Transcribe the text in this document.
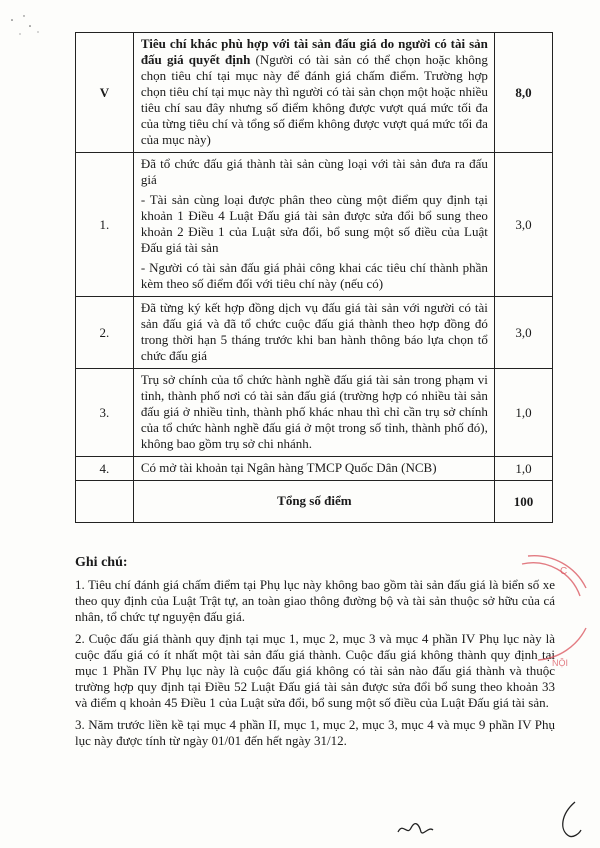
V	Tiêu chí khác phù hợp với tài sản đấu giá do người có tài sản đấu giá quyết định (Người có tài sản có thể chọn hoặc không chọn tiêu chí tại mục này để đánh giá chấm điểm. Trường hợp chọn tiêu chí tại mục này thì người có tài sản chọn một hoặc nhiều tiêu chí sau đây nhưng số điểm không được vượt quá mức tối đa của từng tiêu chí và tổng số điểm không được vượt quá mức tối đa của mục này)	8,0
1.	Đã tổ chức đấu giá thành tài sản cùng loại với tài sản đưa ra đấu giá

- Tài sản cùng loại được phân theo cùng một điểm quy định tại khoản 1 Điều 4 Luật Đấu giá tài sản được sửa đổi bổ sung theo khoản 2 Điều 1 của Luật sửa đổi, bổ sung một số điều của Luật Đấu giá tài sản

- Người có tài sản đấu giá phải công khai các tiêu chí thành phần kèm theo số điểm đối với tiêu chí này (nếu có)	3,0
2.	Đã từng ký kết hợp đồng dịch vụ đấu giá tài sản với người có tài sản đấu giá và đã tổ chức cuộc đấu giá thành theo hợp đồng đó trong thời hạn 5 tháng trước khi ban hành thông báo lựa chọn tổ chức đấu giá	3,0
3.	Trụ sở chính của tổ chức hành nghề đấu giá tài sản trong phạm vi tỉnh, thành phố nơi có tài sản đấu giá (trường hợp có nhiều tài sản đấu giá ở nhiều tỉnh, thành phố khác nhau thì chỉ cần trụ sở chính của tổ chức hành nghề đấu giá ở một trong số tỉnh, thành phố đó), không bao gồm trụ sở chi nhánh.	1,0
4.	Có mở tài khoản tại Ngân hàng TMCP Quốc Dân (NCB)	1,0
	Tổng số điểm	100
Ghi chú:

1. Tiêu chí đánh giá chấm điểm tại Phụ lục này không bao gồm tài sản đấu giá là biển số xe theo quy định của Luật Trật tự, an toàn giao thông đường bộ và tài sản thuộc sở hữu của cá nhân, tổ chức tự nguyện đấu giá.

2. Cuộc đấu giá thành quy định tại mục 1, mục 2, mục 3 và mục 4 phần IV Phụ lục này là cuộc đấu giá có ít nhất một tài sản đấu giá thành. Cuộc đấu giá không thành quy định tại mục 1 Phần IV Phụ lục này là cuộc đấu giá không có tài sản nào đấu giá thành và thuộc trường hợp quy định tại Điều 52 Luật Đấu giá tài sản được sửa đổi bổ sung theo khoản 33 và điểm q khoản 45 Điều 1 của Luật sửa đổi, bổ sung một số điều của Luật Đấu giá tài sản.

3. Năm trước liền kề tại mục 4 phần II, mục 1, mục 2, mục 3, mục 4 và mục 9 phần IV Phụ lục này được tính từ ngày 01/01 đến hết ngày 31/12.

C
NỘI
